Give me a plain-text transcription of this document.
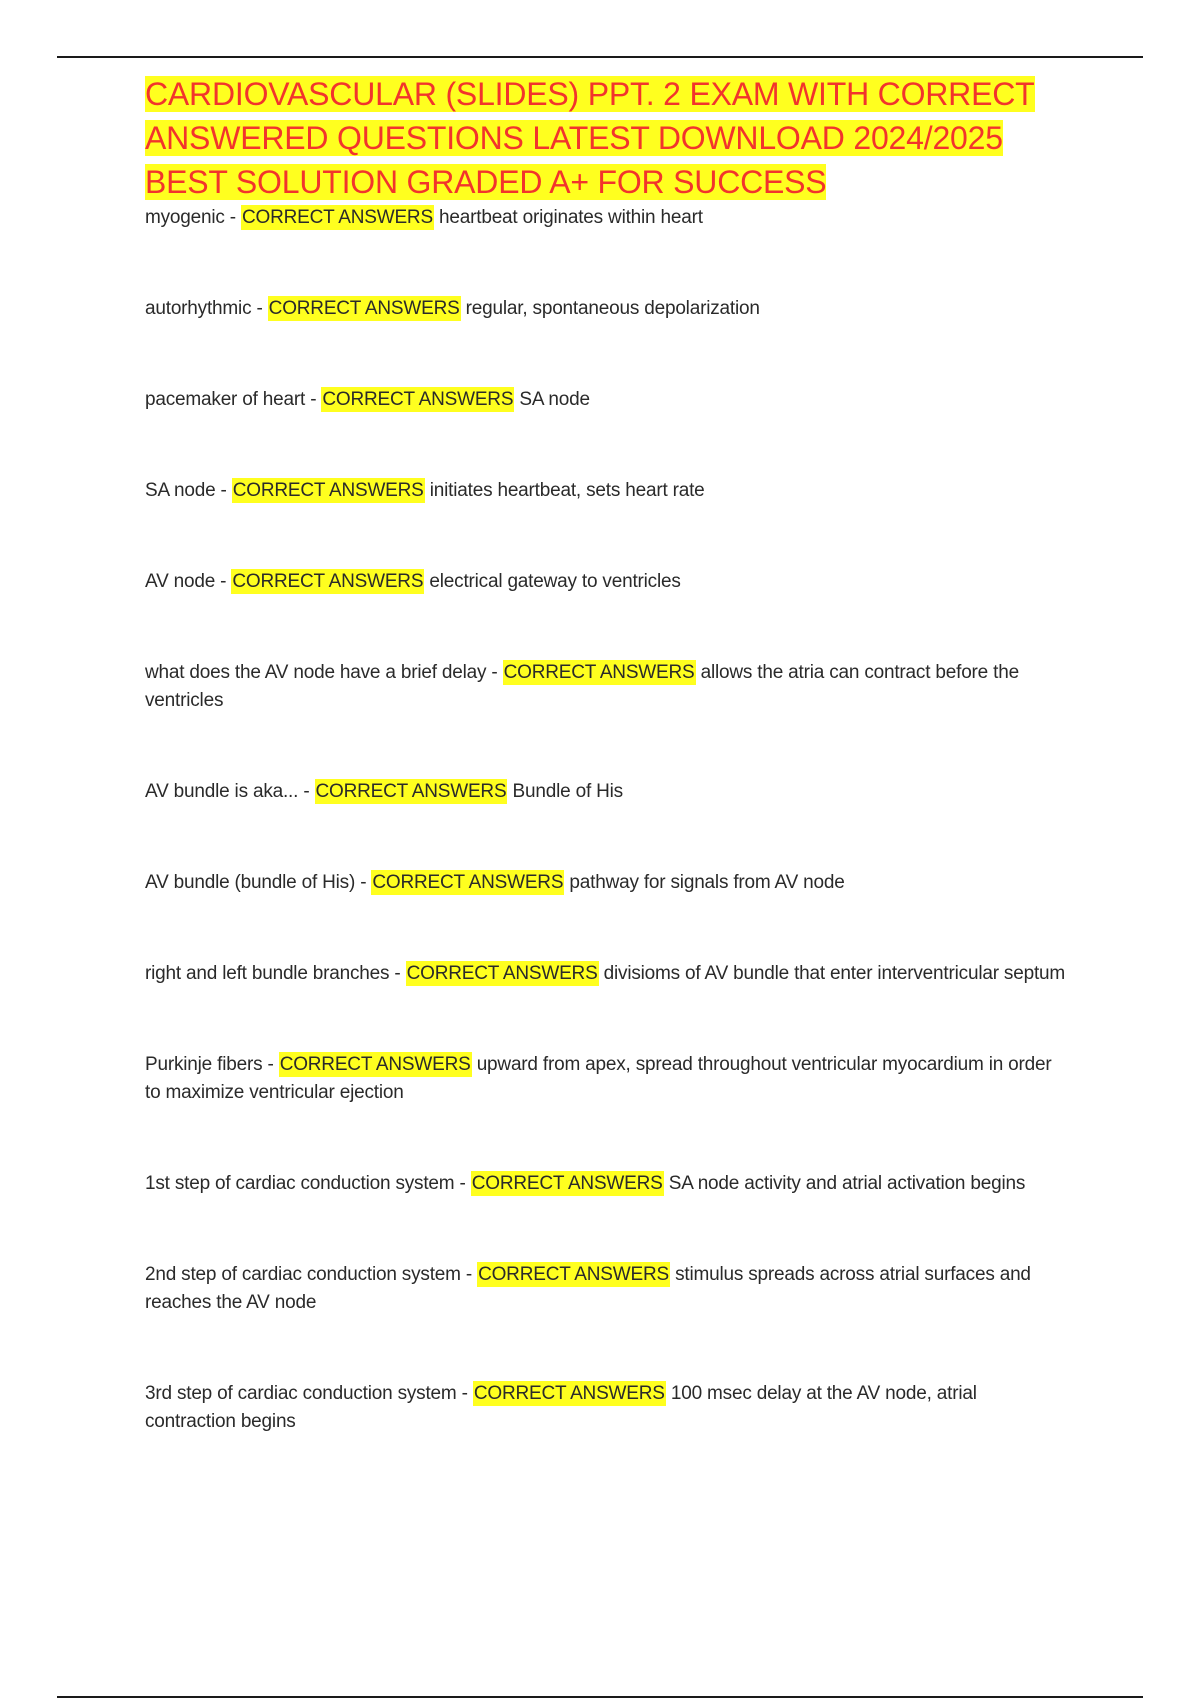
CARDIOVASCULAR (SLIDES) PPT. 2 EXAM WITH CORRECT ANSWERED QUESTIONS LATEST DOWNLOAD 2024/2025 BEST SOLUTION GRADED A+ FOR SUCCESS
myogenic - CORRECT ANSWERS heartbeat originates within heart
autorhythmic - CORRECT ANSWERS regular, spontaneous depolarization
pacemaker of heart - CORRECT ANSWERS SA node
SA node - CORRECT ANSWERS initiates heartbeat, sets heart rate
AV node - CORRECT ANSWERS electrical gateway to ventricles
what does the AV node have a brief delay - CORRECT ANSWERS allows the atria can contract before the ventricles
AV bundle is aka... - CORRECT ANSWERS Bundle of His
AV bundle (bundle of His) - CORRECT ANSWERS pathway for signals from AV node
right and left bundle branches - CORRECT ANSWERS divisioms of AV bundle that enter interventricular septum
Purkinje fibers - CORRECT ANSWERS upward from apex, spread throughout ventricular myocardium in order to maximize ventricular ejection
1st step of cardiac conduction system - CORRECT ANSWERS SA node activity and atrial activation begins
2nd step of cardiac conduction system - CORRECT ANSWERS stimulus spreads across atrial surfaces and reaches the AV node
3rd step of cardiac conduction system - CORRECT ANSWERS 100 msec delay at the AV node, atrial contraction begins
